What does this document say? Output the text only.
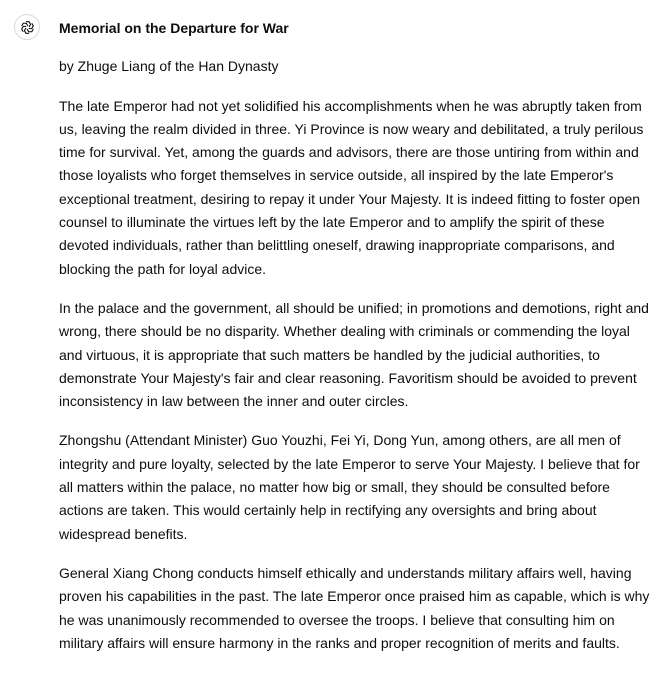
Memorial on the Departure for War

by Zhuge Liang of the Han Dynasty

The late Emperor had not yet solidified his accomplishments when he was abruptly taken from us, leaving the realm divided in three. Yi Province is now weary and debilitated, a truly perilous time for survival. Yet, among the guards and advisors, there are those untiring from within and those loyalists who forget themselves in service outside, all inspired by the late Emperor's exceptional treatment, desiring to repay it under Your Majesty. It is indeed fitting to foster open counsel to illuminate the virtues left by the late Emperor and to amplify the spirit of these devoted individuals, rather than belittling oneself, drawing inappropriate comparisons, and blocking the path for loyal advice.

In the palace and the government, all should be unified; in promotions and demotions, right and wrong, there should be no disparity. Whether dealing with criminals or commending the loyal and virtuous, it is appropriate that such matters be handled by the judicial authorities, to demonstrate Your Majesty's fair and clear reasoning. Favoritism should be avoided to prevent inconsistency in law between the inner and outer circles.

Zhongshu (Attendant Minister) Guo Youzhi, Fei Yi, Dong Yun, among others, are all men of integrity and pure loyalty, selected by the late Emperor to serve Your Majesty. I believe that for all matters within the palace, no matter how big or small, they should be consulted before actions are taken. This would certainly help in rectifying any oversights and bring about widespread benefits.

General Xiang Chong conducts himself ethically and understands military affairs well, having proven his capabilities in the past. The late Emperor once praised him as capable, which is why he was unanimously recommended to oversee the troops. I believe that consulting him on military affairs will ensure harmony in the ranks and proper recognition of merits and faults.
